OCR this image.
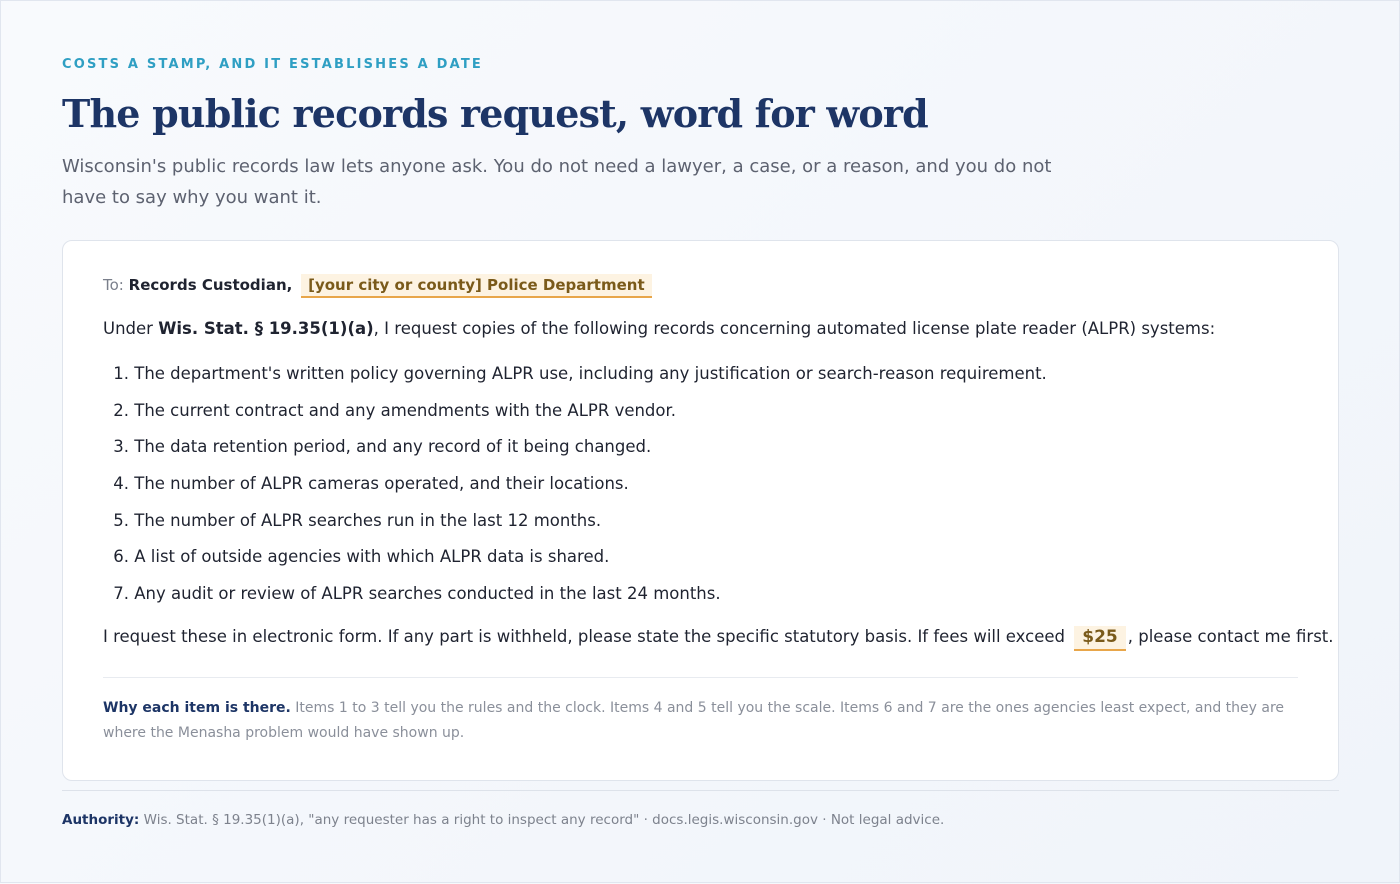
COSTS A STAMP, AND IT ESTABLISHES A DATE
The public records request, word for word

Wisconsin's public records law lets anyone ask. You do not need a lawyer, a case, or a reason, and you do not have to say why you want it.

To: Records Custodian, [your city or county] Police Department
Under Wis. Stat. § 19.35(1)(a), I request copies of the following records concerning automated license plate reader (ALPR) systems:
1. The department's written policy governing ALPR use, including any justification or search-reason requirement.
2. The current contract and any amendments with the ALPR vendor.
3. The data retention period, and any record of it being changed.
4. The number of ALPR cameras operated, and their locations.
5. The number of ALPR searches run in the last 12 months.
6. A list of outside agencies with which ALPR data is shared.
7. Any audit or review of ALPR searches conducted in the last 24 months.
I request these in electronic form. If any part is withheld, please state the specific statutory basis. If fees will exceed $25 , please contact me first.

Why each item is there. Items 1 to 3 tell you the rules and the clock. Items 4 and 5 tell you the scale. Items 6 and 7 are the ones agencies least expect, and they are where the Menasha problem would have shown up.

Authority: Wis. Stat. § 19.35(1)(a), "any requester has a right to inspect any record" · docs.legis.wisconsin.gov · Not legal advice.
